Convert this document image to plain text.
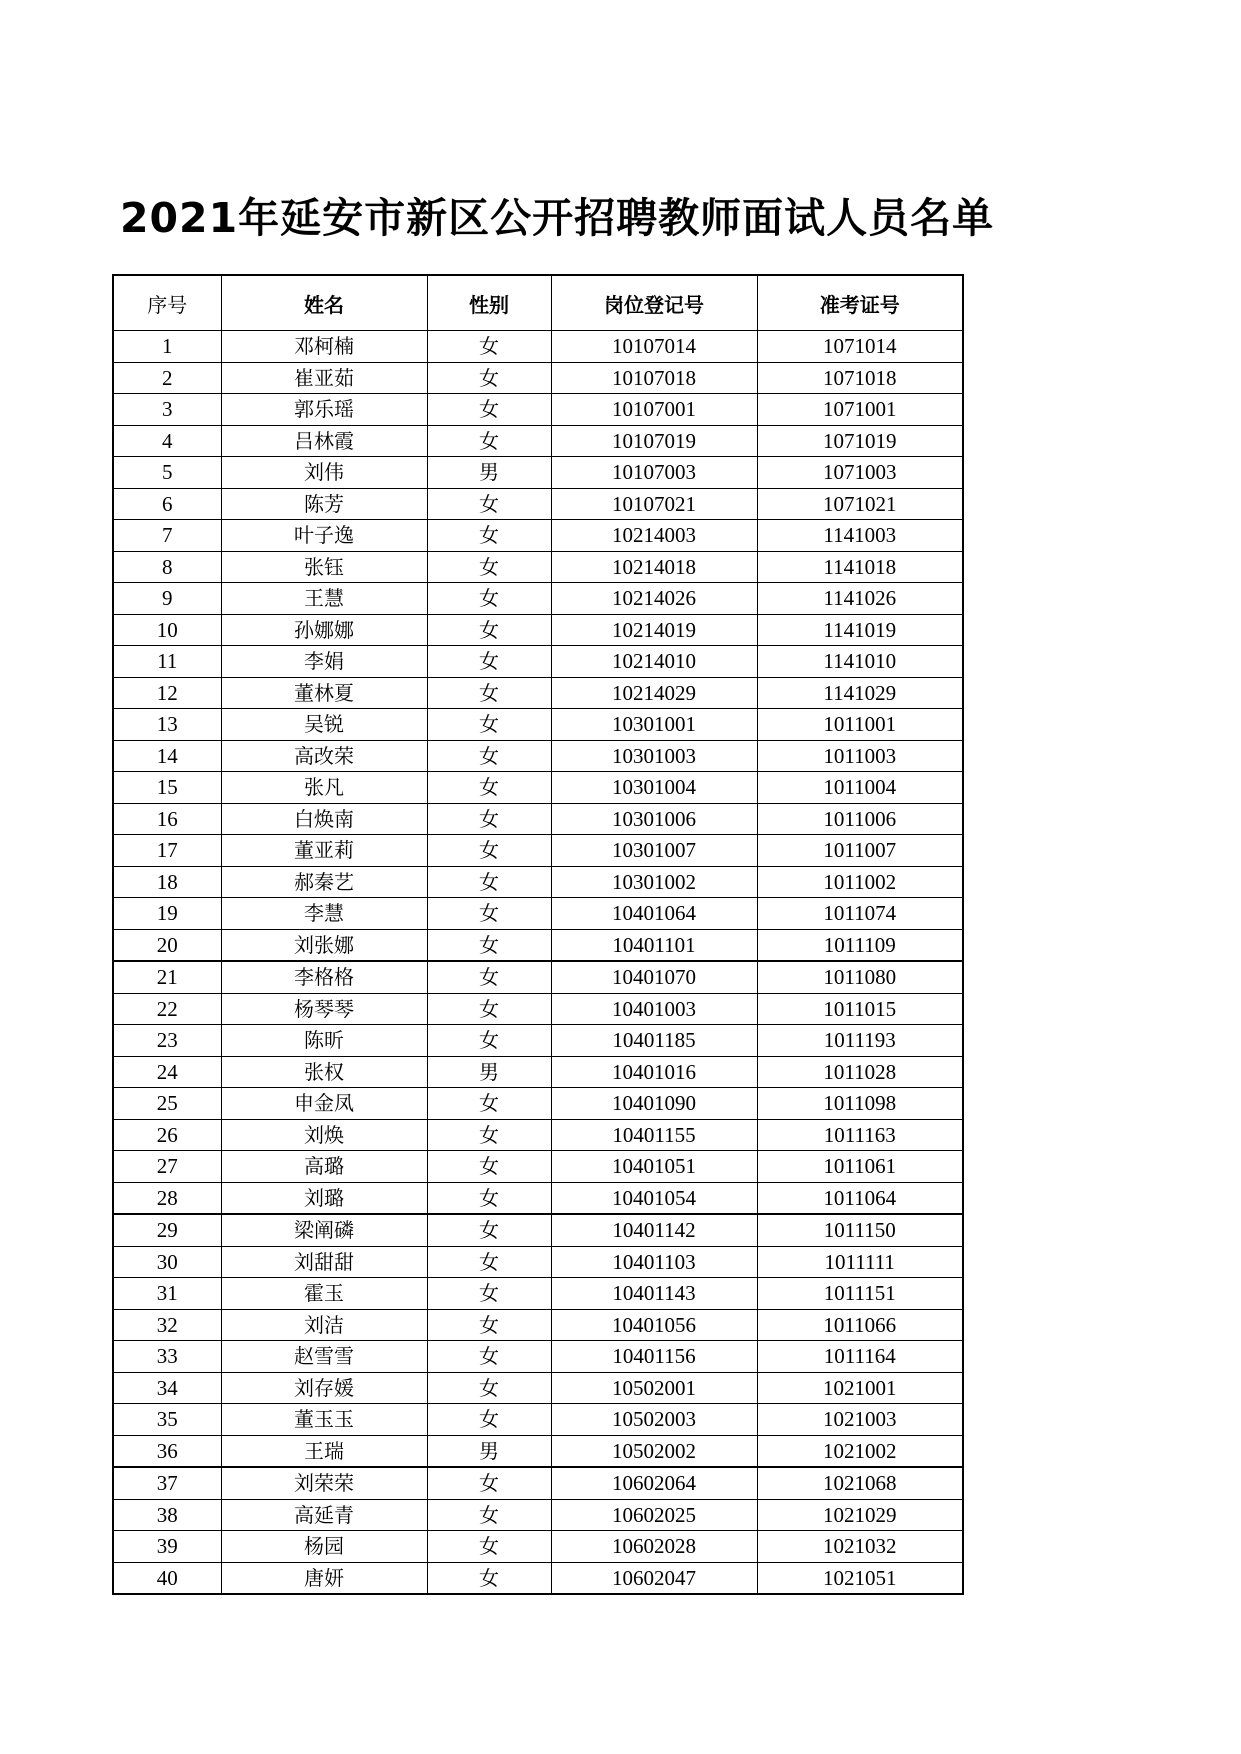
2021年延安市新区公开招聘教师面试人员名单
序号	姓名	性别	岗位登记号	准考证号
1	邓柯楠	女	10107014	1071014
2	崔亚茹	女	10107018	1071018
3	郭乐瑶	女	10107001	1071001
4	吕林霞	女	10107019	1071019
5	刘伟	男	10107003	1071003
6	陈芳	女	10107021	1071021
7	叶子逸	女	10214003	1141003
8	张钰	女	10214018	1141018
9	王慧	女	10214026	1141026
10	孙娜娜	女	10214019	1141019
11	李娟	女	10214010	1141010
12	董林夏	女	10214029	1141029
13	吴锐	女	10301001	1011001
14	高改荣	女	10301003	1011003
15	张凡	女	10301004	1011004
16	白焕南	女	10301006	1011006
17	董亚莉	女	10301007	1011007
18	郝秦艺	女	10301002	1011002
19	李慧	女	10401064	1011074
20	刘张娜	女	10401101	1011109
21	李格格	女	10401070	1011080
22	杨琴琴	女	10401003	1011015
23	陈昕	女	10401185	1011193
24	张权	男	10401016	1011028
25	申金凤	女	10401090	1011098
26	刘焕	女	10401155	1011163
27	高璐	女	10401051	1011061
28	刘璐	女	10401054	1011064
29	梁阐磷	女	10401142	1011150
30	刘甜甜	女	10401103	1011111
31	霍玉	女	10401143	1011151
32	刘洁	女	10401056	1011066
33	赵雪雪	女	10401156	1011164
34	刘存媛	女	10502001	1021001
35	董玉玉	女	10502003	1021003
36	王瑞	男	10502002	1021002
37	刘荣荣	女	10602064	1021068
38	高延青	女	10602025	1021029
39	杨园	女	10602028	1021032
40	唐妍	女	10602047	1021051
